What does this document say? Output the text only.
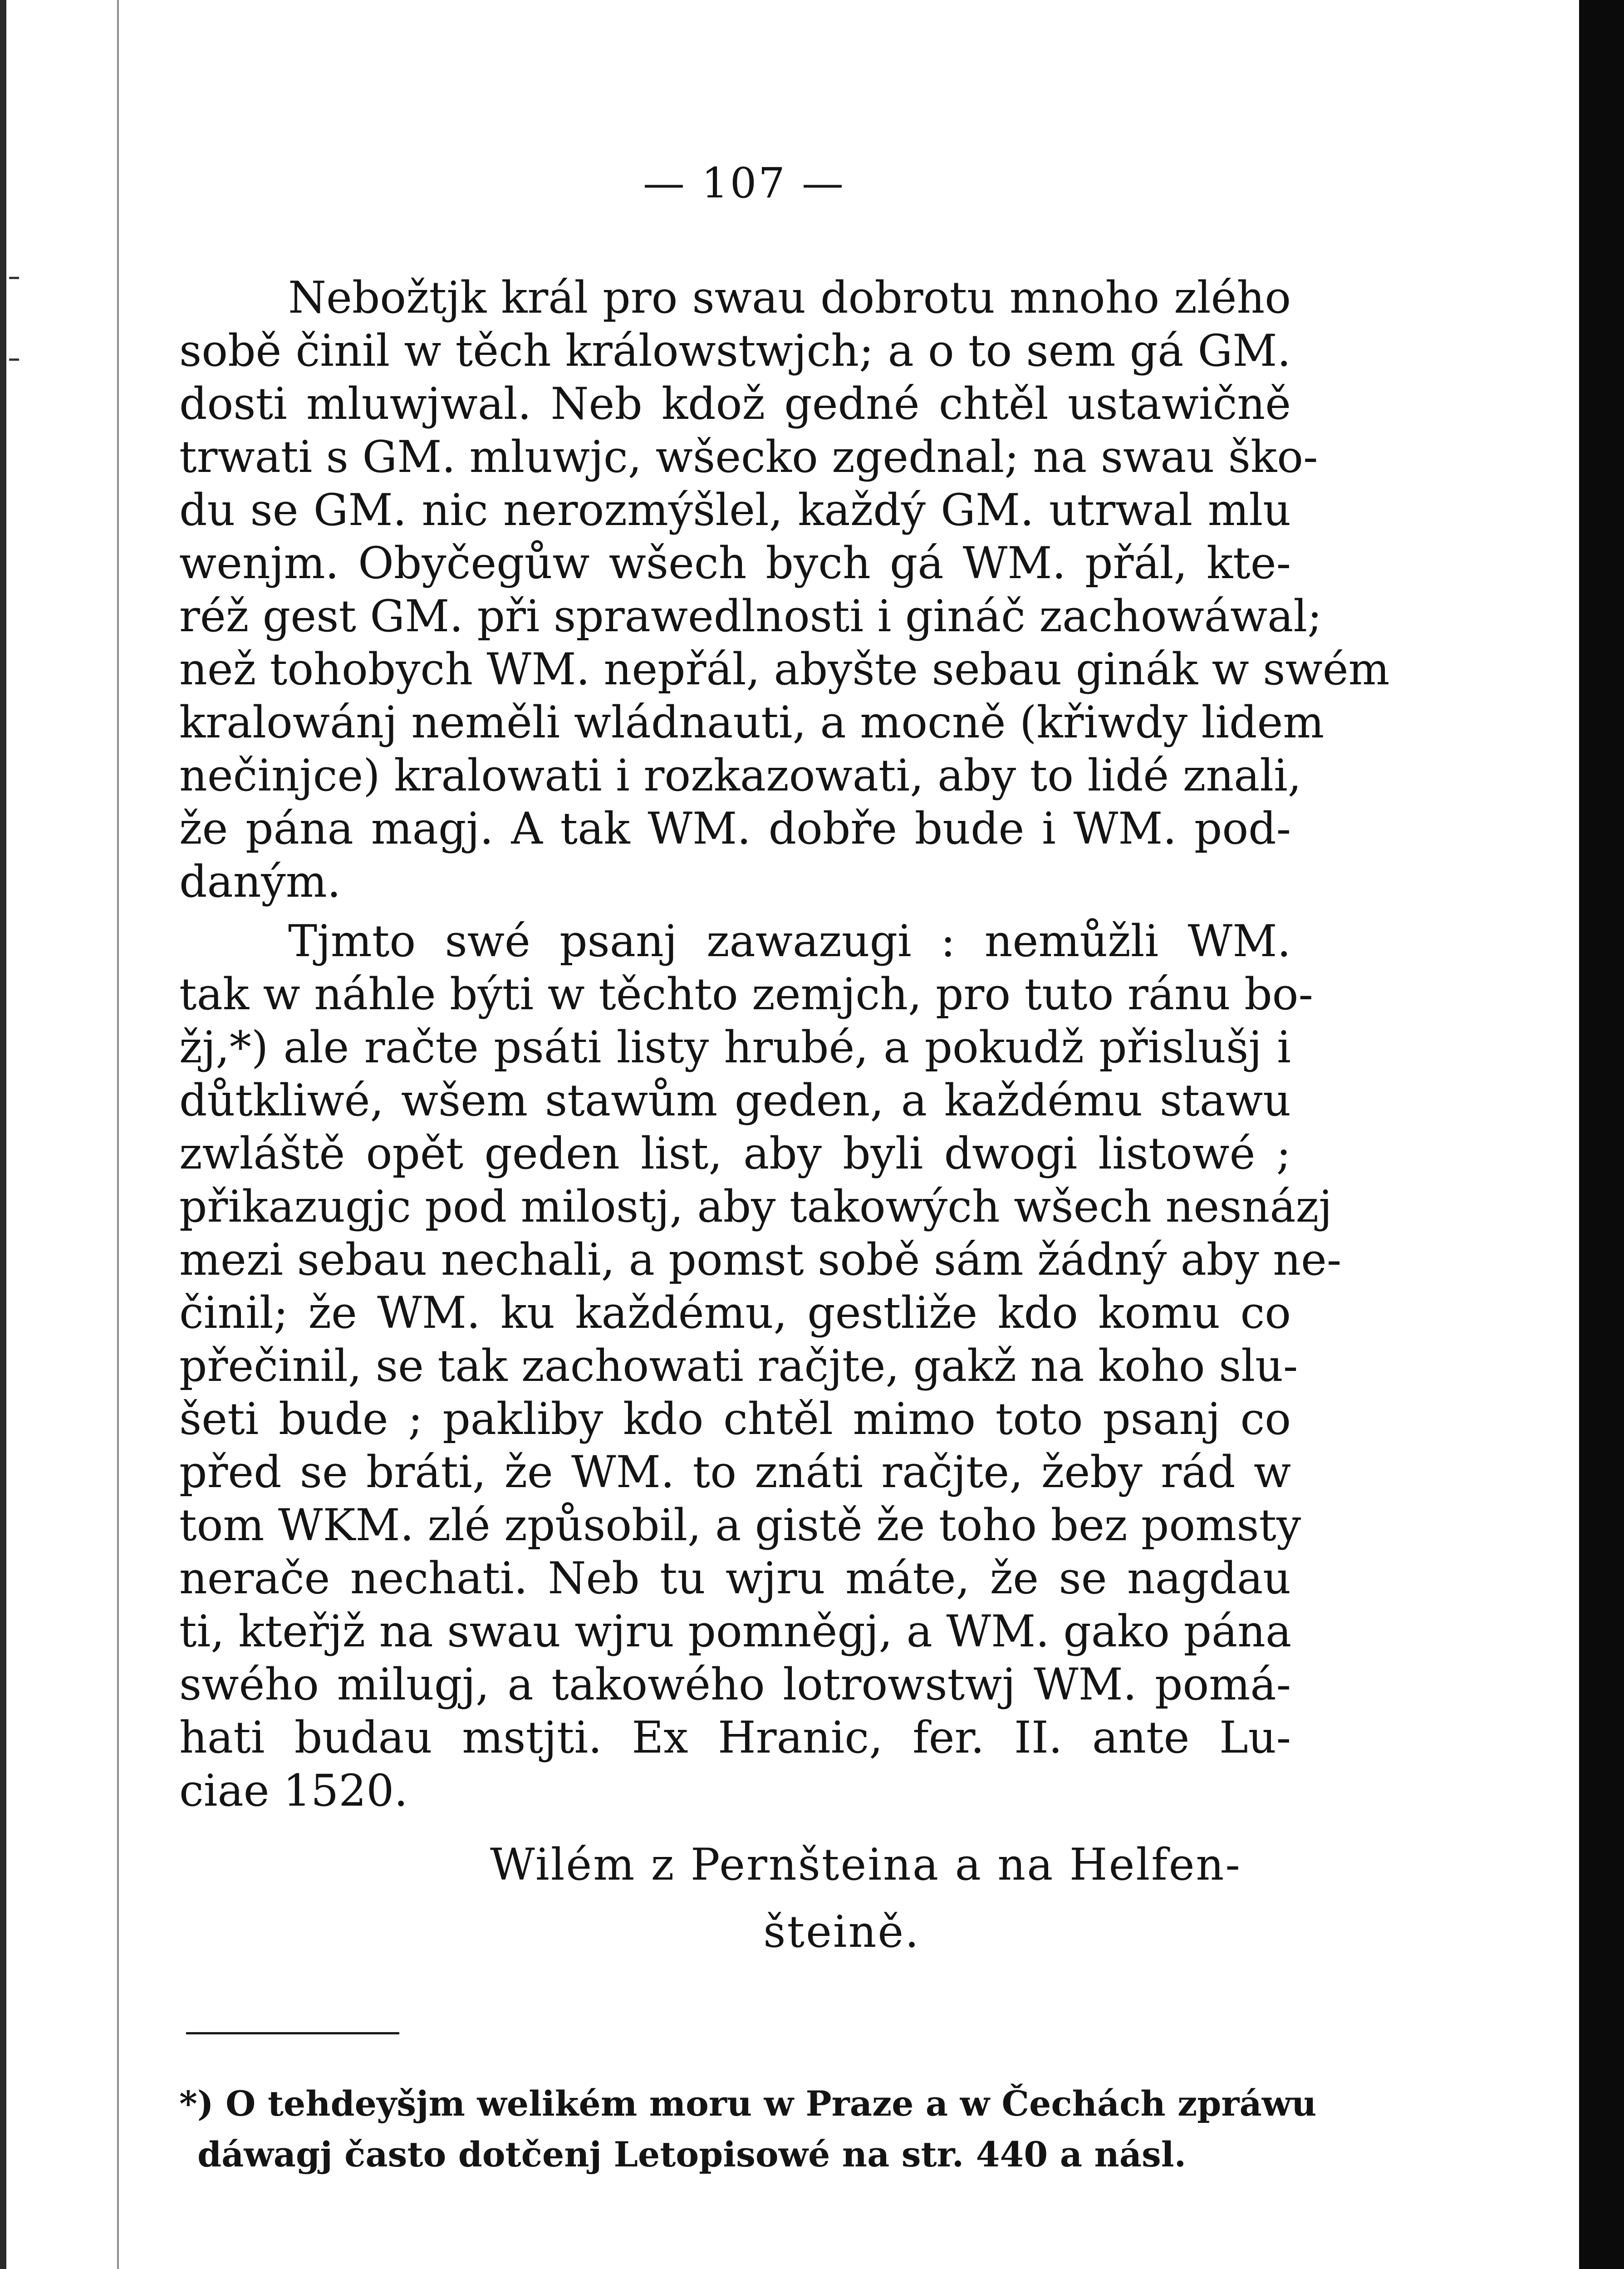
— 107 —
Nebožtjk král pro swau dobrotu mnoho zlého
sobě činil w těch králowstwjch; a o to sem gá GM.
dosti mluwjwal. Neb kdož gedné chtěl ustawičně
trwati s GM. mluwjc, wšecko zgednal; na swau ško-
du se GM. nic nerozmýšlel, každý GM. utrwal mlu
wenjm. Obyčegůw wšech bych gá WM. přál, kte-
réž gest GM. při sprawedlnosti i gináč zachowáwal;
než tohobych WM. nepřál, abyšte sebau ginák w swém
kralowánj neměli wládnauti, a mocně (křiwdy lidem
nečinjce) kralowati i rozkazowati, aby to lidé znali,
že pána magj. A tak WM. dobře bude i WM. pod-
daným.
Tjmto swé psanj zawazugi : nemůžli WM.
tak w náhle býti w těchto zemjch, pro tuto ránu bo-
žj,*) ale račte psáti listy hrubé, a pokudž přislušj i
důtkliwé, wšem stawům geden, a každému stawu
zwláště opět geden list, aby byli dwogi listowé ;
přikazugjc pod milostj, aby takowých wšech nesnázj
mezi sebau nechali, a pomst sobě sám žádný aby ne-
činil; že WM. ku každému, gestliže kdo komu co
přečinil, se tak zachowati račjte, gakž na koho slu-
šeti bude ; pakliby kdo chtěl mimo toto psanj co
před se bráti, že WM. to znáti račjte, žeby rád w
tom WKM. zlé způsobil, a gistě že toho bez pomsty
nerače nechati. Neb tu wjru máte, že se nagdau
ti, kteřjž na swau wjru pomněgj, a WM. gako pána
swého milugj, a takowého lotrowstwj WM. pomá-
hati budau mstjti. Ex Hranic, fer. II. ante Lu-
ciae 1520.
Wilém z Pernšteina a na Helfen-
šteině.
*) O tehdeyšjm welikém moru w Praze a w Čechách zpráwu
dáwagj často dotčenj Letopisowé na str. 440 a násl.
